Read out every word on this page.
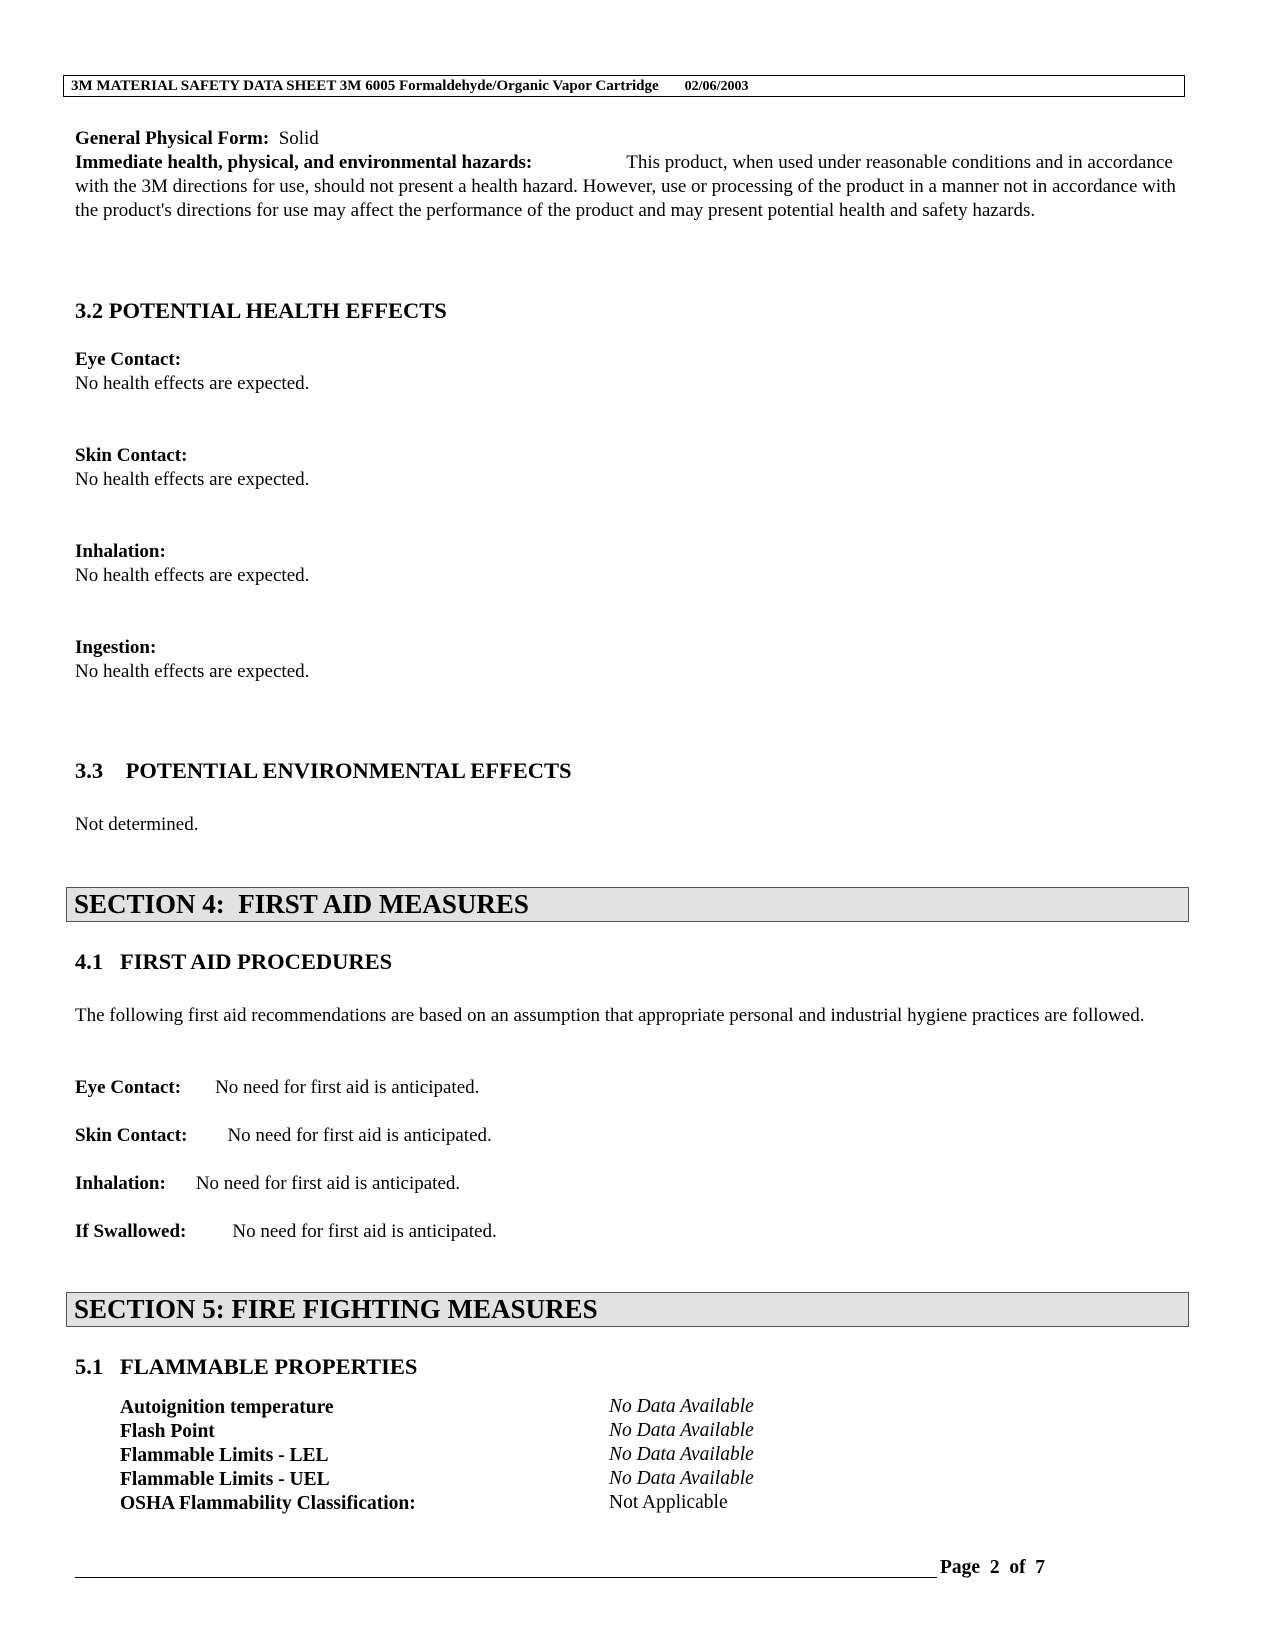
3M MATERIAL SAFETY DATA SHEET 3M 6005 Formaldehyde/Organic Vapor Cartridge 02/06/2003
General Physical Form: Solid
Immediate health, physical, and environmental hazards:	This product, when used under reasonable conditions and in accordance with the 3M directions for use, should not present a health hazard. However, use or processing of the product in a manner not in accordance with the product's directions for use may affect the performance of the product and may present potential health and safety hazards.
3.2 POTENTIAL HEALTH EFFECTS
Eye Contact:
No health effects are expected.
Skin Contact:
No health effects are expected.
Inhalation:
No health effects are expected.
Ingestion:
No health effects are expected.
3.3    POTENTIAL ENVIRONMENTAL EFFECTS
Not determined.
SECTION 4:  FIRST AID MEASURES
4.1   FIRST AID PROCEDURES
The following first aid recommendations are based on an assumption that appropriate personal and industrial hygiene practices are followed.
Eye Contact: No need for first aid is anticipated.
Skin Contact: No need for first aid is anticipated.
Inhalation: No need for first aid is anticipated.
If Swallowed: No need for first aid is anticipated.
SECTION 5: FIRE FIGHTING MEASURES
5.1   FLAMMABLE PROPERTIES
Autoignition temperature	No Data Available
Flash Point	No Data Available
Flammable Limits - LEL	No Data Available
Flammable Limits - UEL	No Data Available
OSHA Flammability Classification:	Not Applicable
Page  2  of  7
